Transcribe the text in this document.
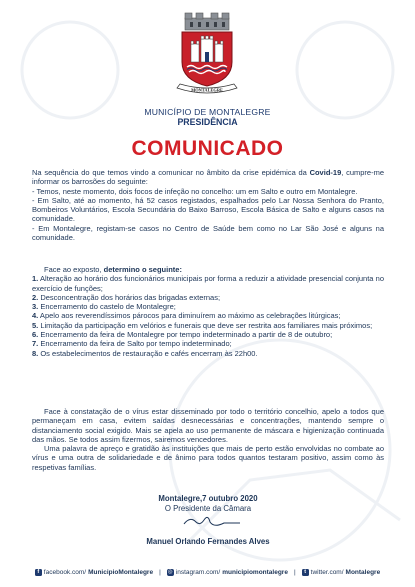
MONTALEGRE
MUNICÍPIO DE MONTALEGRE
PRESIDÊNCIA
COMUNICADO

Na sequência do que temos vindo a comunicar no âmbito da crise epidémica da Covid-19, cumpre-me informar os barrosões do seguinte:

- Temos, neste momento, dois focos de infeção no concelho: um em Salto e outro em Montalegre.

- Em Salto, até ao momento, há 52 casos registados, espalhados pelo Lar Nossa Senhora do Pranto, Bombeiros Voluntários, Escola Secundária do Baixo Barroso, Escola Básica de Salto e alguns casos na comunidade.

- Em Montalegre, registam-se casos no Centro de Saúde bem como no Lar São José e alguns na comunidade.

Face ao exposto, determino o seguinte:

1. Alteração ao horário dos funcionários municipais por forma a reduzir a atividade presencial conjunta no exercício de funções;

2. Desconcentração dos horários das brigadas externas;

3. Encerramento do castelo de Montalegre;

4. Apelo aos reverendíssimos párocos para diminuírem ao máximo as celebrações litúrgicas;

5. Limitação da participação em velórios e funerais que deve ser restrita aos familiares mais próximos;

6. Encerramento da feira de Montalegre por tempo indeterminado a partir de 8 de outubro;

7. Encerramento da feira de Salto por tempo indeterminado;

8. Os estabelecimentos de restauração e cafés encerram às 22h00.

Face à constatação de o vírus estar disseminado por todo o território concelhio, apelo a todos que permaneçam em casa, evitem saídas desnecessárias e concentrações, mantendo sempre o distanciamento social exigido. Mais se apela ao uso permanente de máscara e higienização continuada das mãos. Se todos assim fizermos, sairemos vencedores.

Uma palavra de apreço e gratidão às instituições que mais de perto estão envolvidas no combate ao vírus e uma outra de solidariedade e de ânimo para todos quantos testaram positivo, assim como às respetivas famílias.

Montalegre,7 outubro 2020

O Presidente da Câmara

Manuel Orlando Fernandes Alves
f facebook.com/ MunicipioMontalegre | ◎ instagram.com/ municipiomontalegre |	t twitter.com/ Montalegre
